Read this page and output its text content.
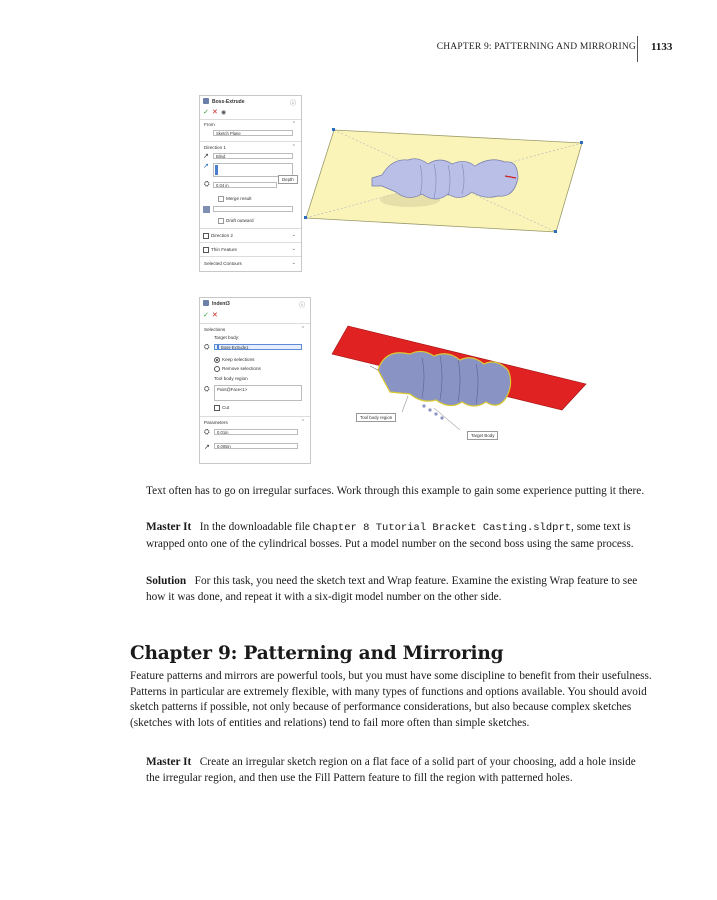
CHAPTER 9: PATTERNING AND MIRRORING 1133
Boss-Extrude	ⓘ
✓ ✕ ◉
From	⌃
Sketch Plane
Direction 1	⌃
↗	Blind
↗
⛭	0.04 in
Merge result
Draft outward
Direction 2	⌄
Thin Feature	⌄
Selected Contours	⌄
Depth
Indent3	ⓘ
✓ ✕
Selections	⌃
Target body:
⛭	Boss-Extrude1
Keep selections
Remove selections
Tool body region
⛭	Point@Face<1>
Cut
Parameters	⌃
⛭	0.01in
↗	0.005in
Tool body region
Target Body

Text often has to go on irregular surfaces. Work through this example to gain some experience putting it there.

Master It In the downloadable file Chapter 8 Tutorial Bracket Casting.sldprt, some text is wrapped onto one of the cylindrical bosses. Put a model number on the second boss using the same process.

Solution For this task, you need the sketch text and Wrap feature. Examine the existing Wrap feature to see how it was done, and repeat it with a six-digit model number on the other side.

Chapter 9: Patterning and Mirroring

Feature patterns and mirrors are powerful tools, but you must have some discipline to benefit from their usefulness. Patterns in particular are extremely flexible, with many types of functions and options available. You should avoid sketch patterns if possible, not only because of performance considerations, but also because complex sketches (sketches with lots of entities and relations) tend to fail more often than simple sketches.

Master It Create an irregular sketch region on a flat face of a solid part of your choosing, add a hole inside the irregular region, and then use the Fill Pattern feature to fill the region with patterned holes.
